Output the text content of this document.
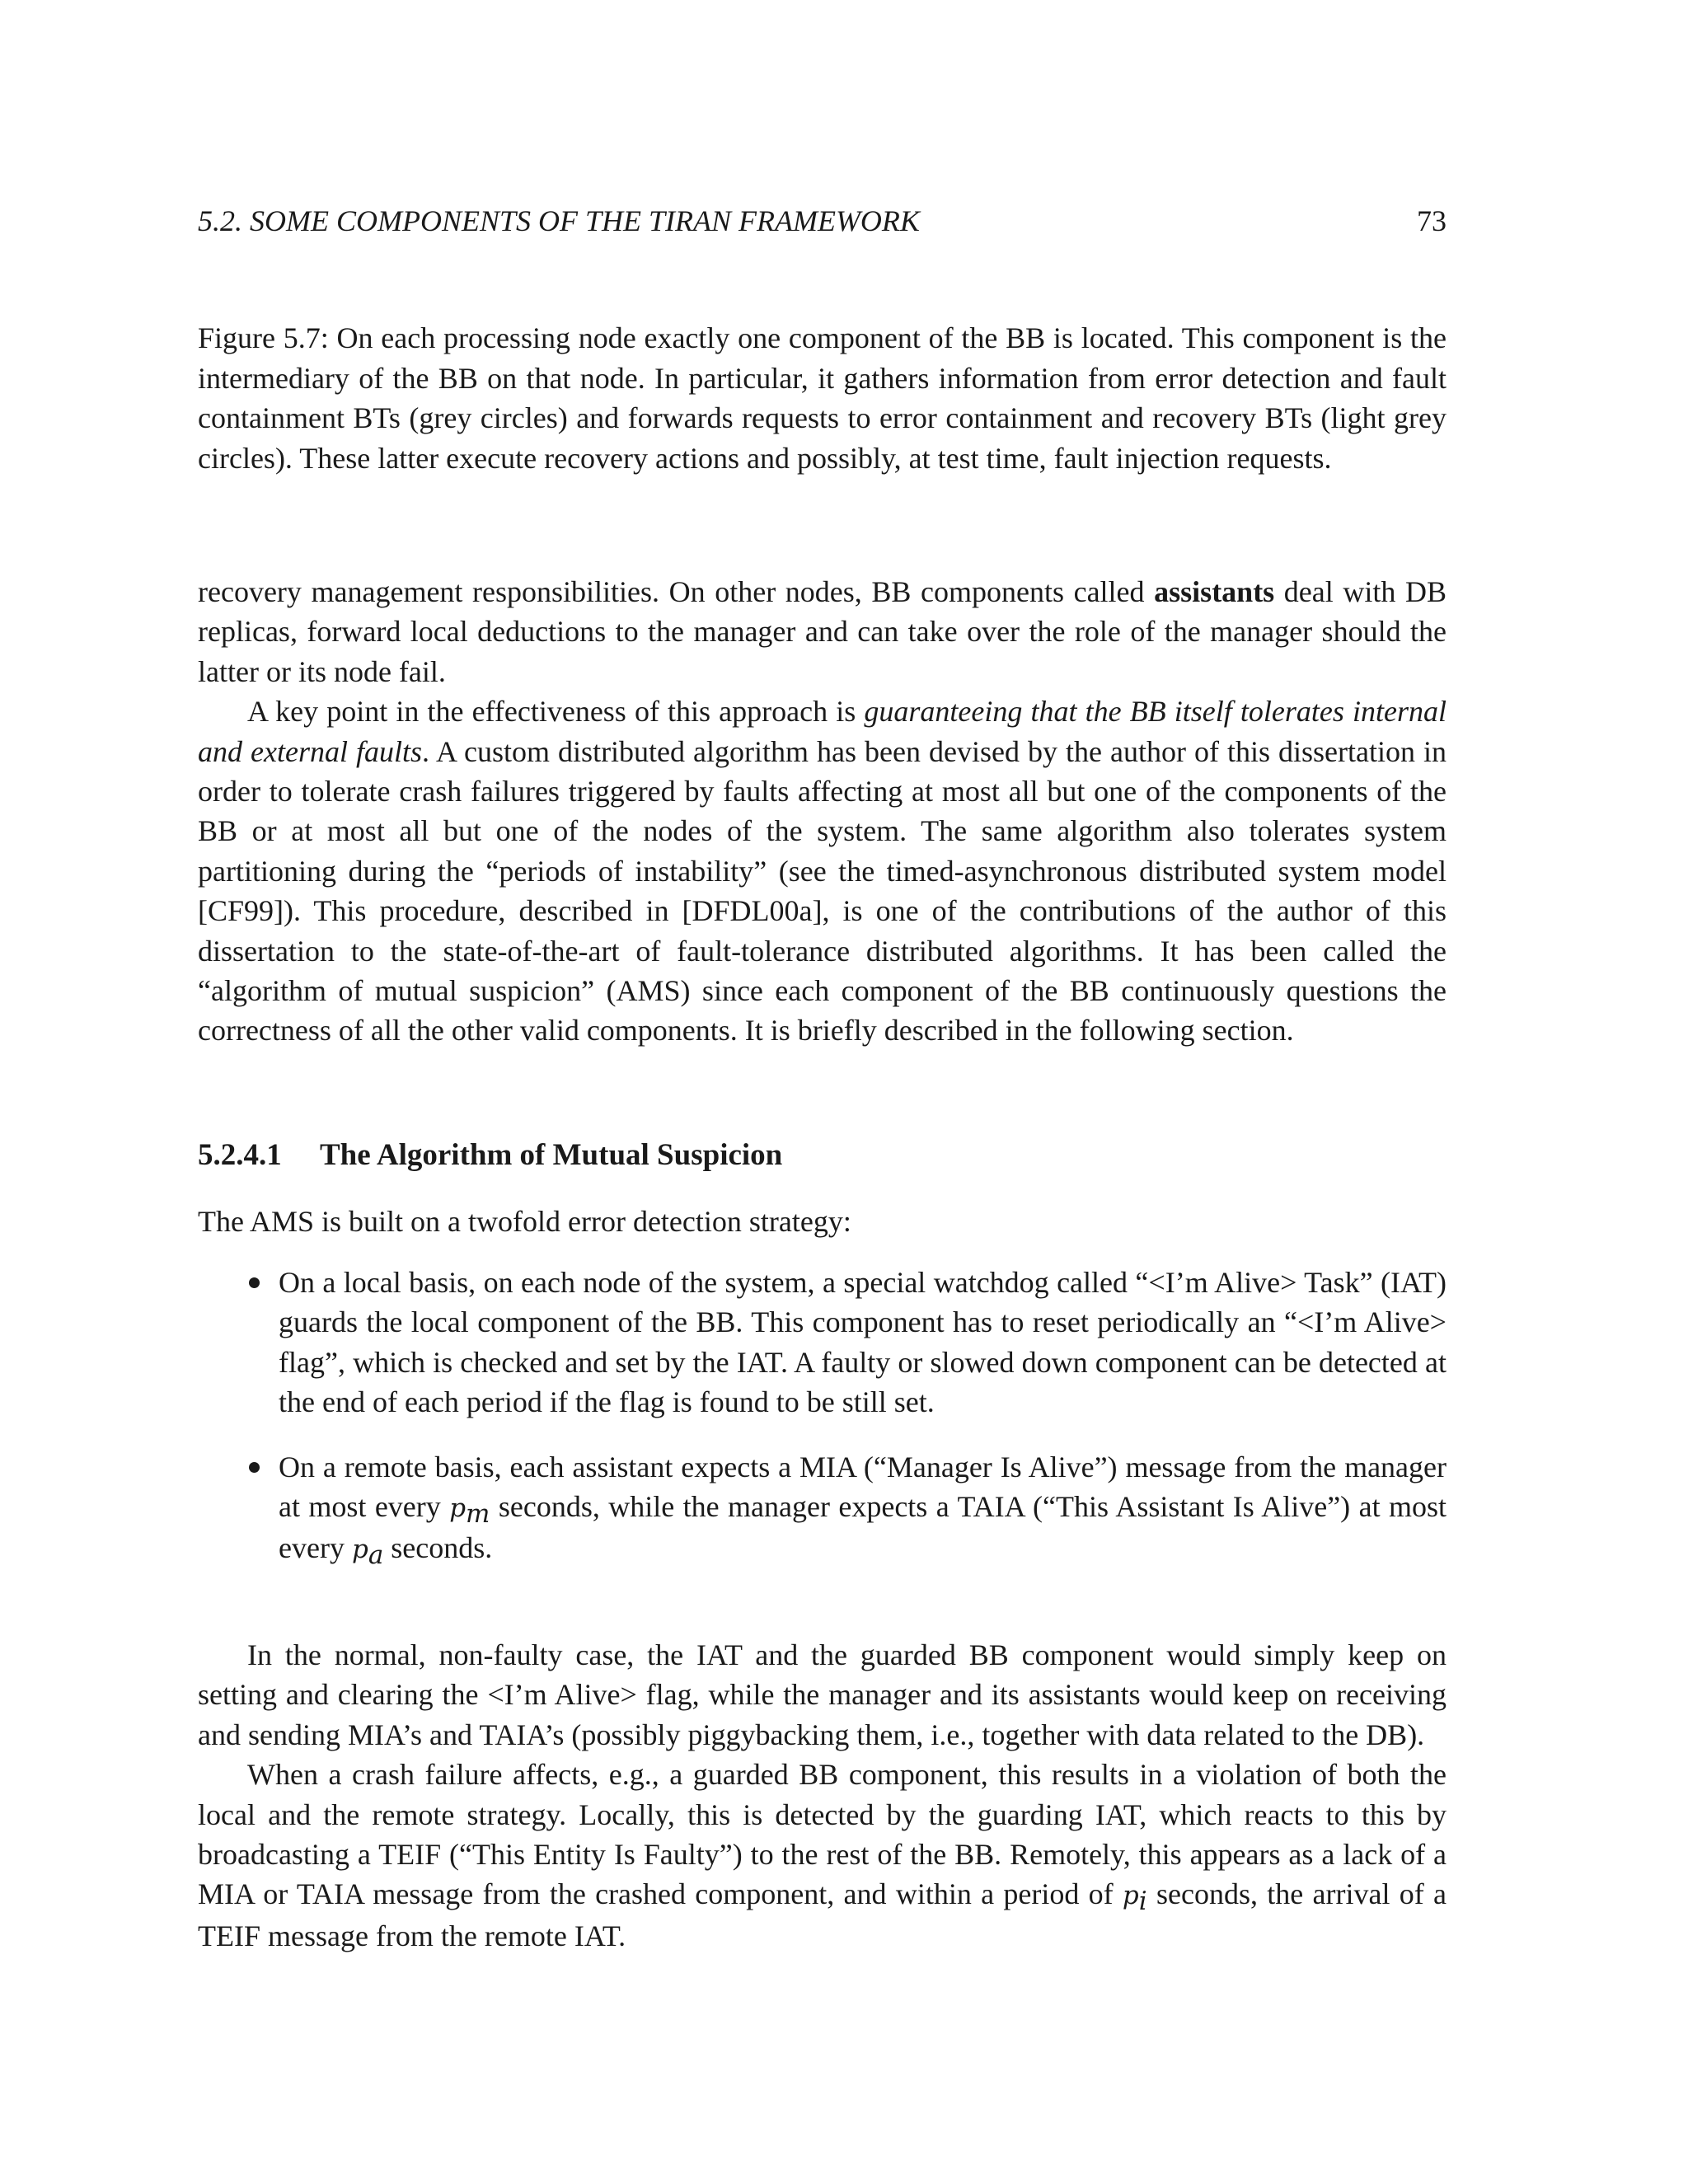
5.2. SOME COMPONENTS OF THE TIRAN FRAMEWORK	73
Figure 5.7: On each processing node exactly one component of the BB is located. This component is the intermediary of the BB on that node. In particular, it gathers information from error detection and fault containment BTs (grey circles) and forwards requests to error containment and recovery BTs (light grey circles). These latter execute recovery actions and possibly, at test time, fault injection requests.

recovery management responsibilities. On other nodes, BB components called assistants deal with DB replicas, forward local deductions to the manager and can take over the role of the manager should the latter or its node fail.

A key point in the effectiveness of this approach is guaranteeing that the BB itself tolerates internal and external faults. A custom distributed algorithm has been devised by the author of this dissertation in order to tolerate crash failures triggered by faults affecting at most all but one of the components of the BB or at most all but one of the nodes of the system. The same algorithm also tolerates system partitioning during the “periods of instability” (see the timed-asynchronous distributed system model [CF99]). This procedure, described in [DFDL00a], is one of the contributions of the author of this dissertation to the state-of-the-art of fault-tolerance distributed algorithms. It has been called the “algorithm of mutual suspicion” (AMS) since each component of the BB continuously questions the correctness of all the other valid components. It is briefly described in the following section.

5.2.4.1 The Algorithm of Mutual Suspicion
The AMS is built on a twofold error detection strategy:
On a local basis, on each node of the system, a special watchdog called “<I’m Alive> Task” (IAT) guards the local component of the BB. This component has to reset periodically an “<I’m Alive> flag”, which is checked and set by the IAT. A faulty or slowed down component can be detected at the end of each period if the flag is found to be still set.
On a remote basis, each assistant expects a MIA (“Manager Is Alive”) message from the manager at most every $p_m$ seconds, while the manager expects a TAIA (“This Assistant Is Alive”) at most every $p_a$ seconds.

In the normal, non-faulty case, the IAT and the guarded BB component would simply keep on setting and clearing the <I’m Alive> flag, while the manager and its assistants would keep on receiving and sending MIA’s and TAIA’s (possibly piggybacking them, i.e., together with data related to the DB).

When a crash failure affects, e.g., a guarded BB component, this results in a violation of both the local and the remote strategy. Locally, this is detected by the guarding IAT, which reacts to this by broadcasting a TEIF (“This Entity Is Faulty”) to the rest of the BB. Remotely, this appears as a lack of a MIA or TAIA message from the crashed component, and within a period of $p_i$ seconds, the arrival of a TEIF message from the remote IAT.
